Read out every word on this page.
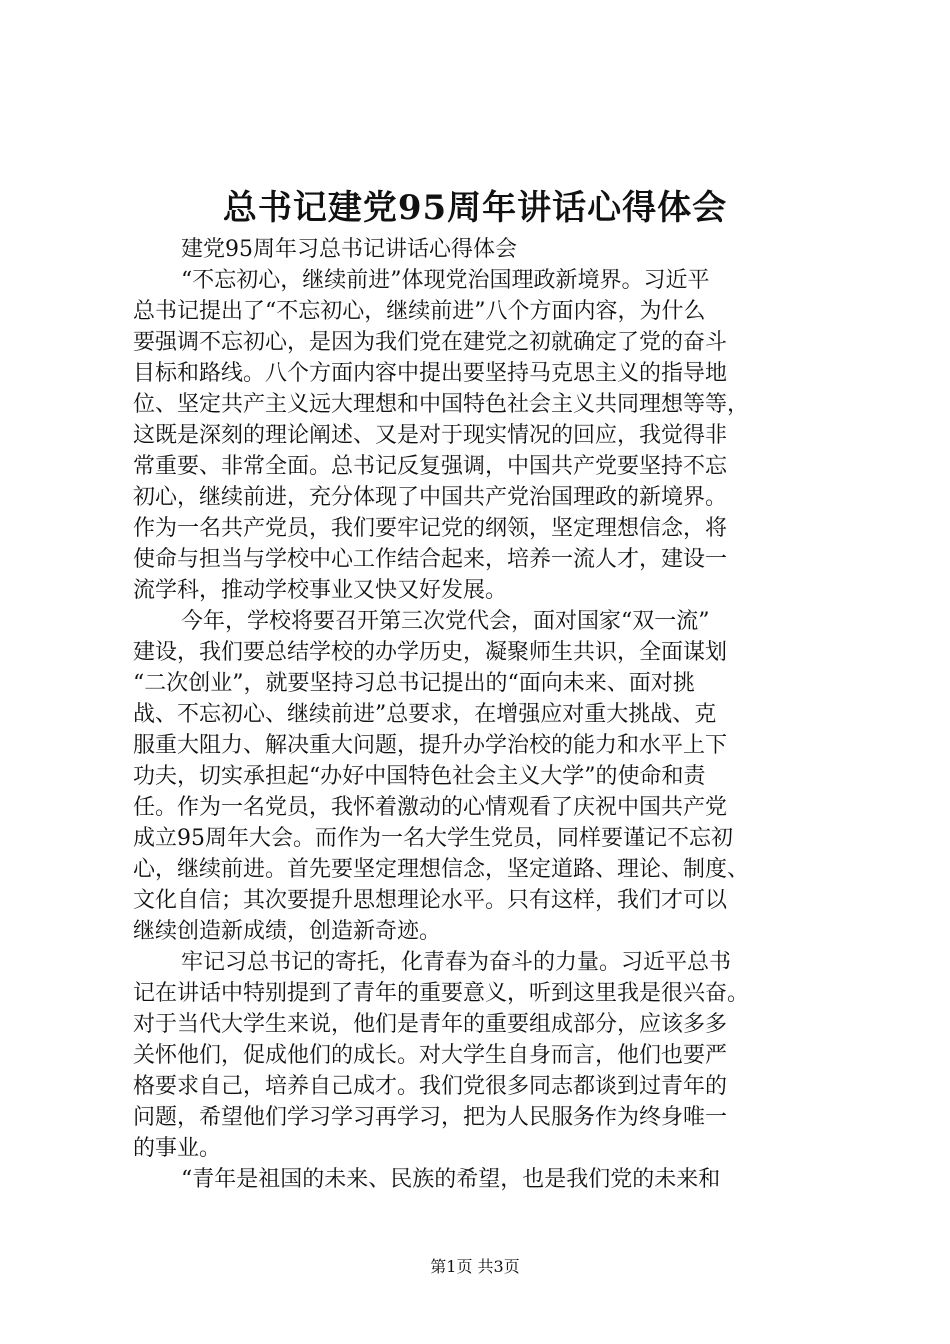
总书记建党95周年讲话心得体会
建党95周年习总书记讲话心得体会
“不忘初心，继续前进”体现党治国理政新境界。习近平
总书记提出了“不忘初心，继续前进”八个方面内容，为什么
要强调不忘初心，是因为我们党在建党之初就确定了党的奋斗
目标和路线。八个方面内容中提出要坚持马克思主义的指导地
位、坚定共产主义远大理想和中国特色社会主义共同理想等等，
这既是深刻的理论阐述、又是对于现实情况的回应，我觉得非
常重要、非常全面。总书记反复强调，中国共产党要坚持不忘
初心，继续前进，充分体现了中国共产党治国理政的新境界。
作为一名共产党员，我们要牢记党的纲领，坚定理想信念，将
使命与担当与学校中心工作结合起来，培养一流人才，建设一
流学科，推动学校事业又快又好发展。
今年，学校将要召开第三次党代会，面对国家“双一流”
建设，我们要总结学校的办学历史，凝聚师生共识，全面谋划
“二次创业”，就要坚持习总书记提出的“面向未来、面对挑
战、不忘初心、继续前进”总要求，在增强应对重大挑战、克
服重大阻力、解决重大问题，提升办学治校的能力和水平上下
功夫，切实承担起“办好中国特色社会主义大学”的使命和责
任。作为一名党员，我怀着激动的心情观看了庆祝中国共产党
成立95周年大会。而作为一名大学生党员，同样要谨记不忘初
心，继续前进。首先要坚定理想信念，坚定道路、理论、制度、
文化自信；其次要提升思想理论水平。只有这样，我们才可以
继续创造新成绩，创造新奇迹。
牢记习总书记的寄托，化青春为奋斗的力量。习近平总书
记在讲话中特别提到了青年的重要意义，听到这里我是很兴奋。
对于当代大学生来说，他们是青年的重要组成部分，应该多多
关怀他们，促成他们的成长。对大学生自身而言，他们也要严
格要求自己，培养自己成才。我们党很多同志都谈到过青年的
问题，希望他们学习学习再学习，把为人民服务作为终身唯一
的事业。
“青年是祖国的未来、民族的希望，也是我们党的未来和
第1页 共3页
